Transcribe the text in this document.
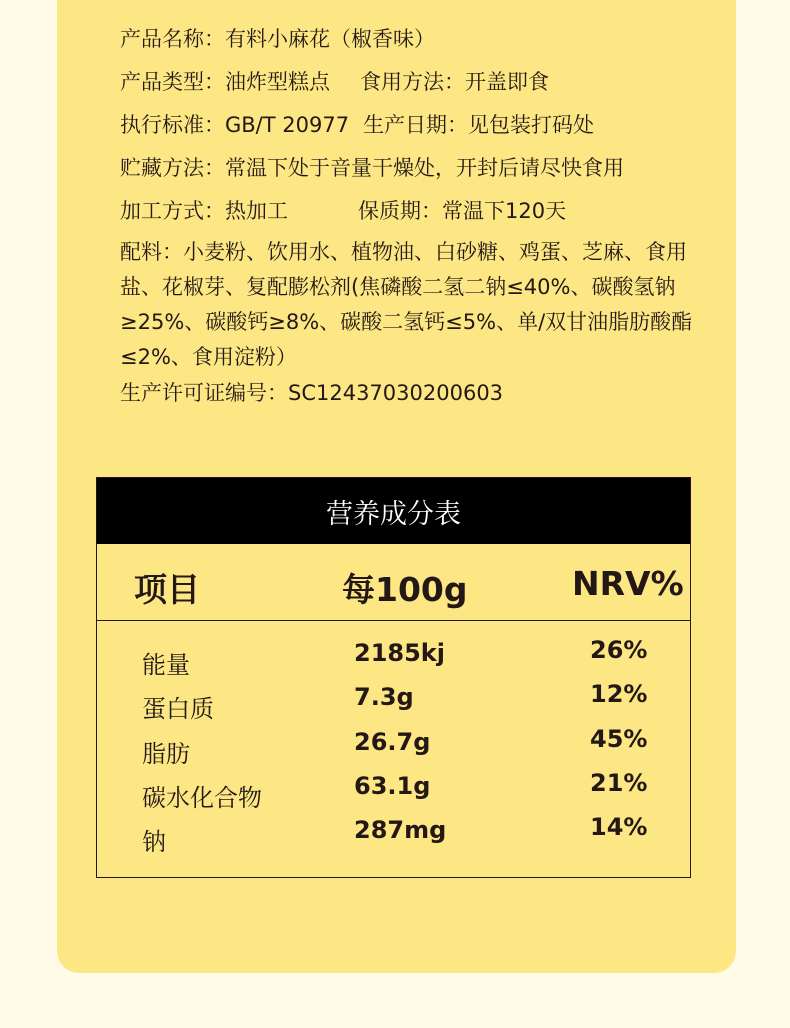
产品名称：有料小麻花（椒香味）
产品类型：油炸型糕点 食用方法：开盖即食
执行标准：GB/T 20977 生产日期：见包装打码处
贮藏方法：常温下处于音量干燥处，开封后请尽快食用
加工方式：热加工	保质期：常温下120天
配料：小麦粉、饮用水、植物油、白砂糖、鸡蛋、芝麻、食用盐、花椒芽、复配膨松剂(焦磷酸二氢二钠≤40%、碳酸氢钠≥25%、碳酸钙≥8%、碳酸二氢钙≤5%、单/双甘油脂肪酸酯≤2%、食用淀粉）
生产许可证编号：SC12437030200603
营养成分表
项目	每100g	NRV%
能量	2185kj	26%
蛋白质	7.3g	12%
脂肪	26.7g	45%
碳水化合物	63.1g	21%
钠	287mg	14%
